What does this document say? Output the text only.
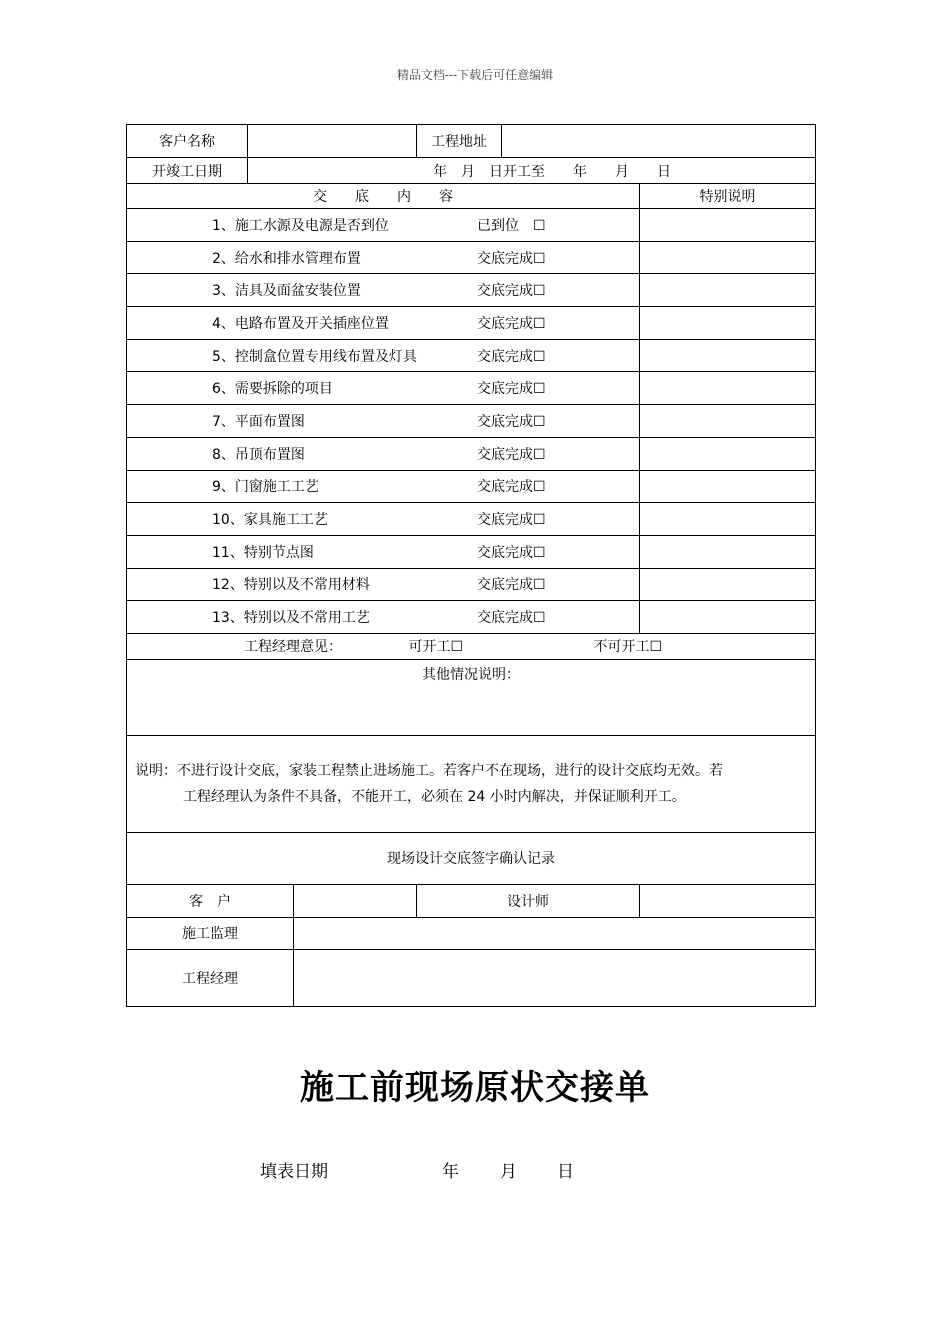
精品文档---下载后可任意编辑
客户名称			工程地址		
开竣工日期	年　月　日开工至　　年　　月　　日				
交　　底　　内　　容					特别说明
1、施工水源及电源是否到位 已到位　☐					
2、给水和排水管理布置 交底完成☐					
3、洁具及面盆安装位置 交底完成☐					
4、电路布置及开关插座位置 交底完成☐					
5、控制盒位置专用线布置及灯具 交底完成☐					
6、需要拆除的项目 交底完成☐					
7、平面布置图 交底完成☐					
8、吊顶布置图 交底完成☐					
9、门窗施工工艺 交底完成☐					
10、家具施工工艺 交底完成☐					
11、特别节点图 交底完成☐					
12、特别以及不常用材料 交底完成☐					
13、特别以及不常用工艺 交底完成☐					
工程经理意见： 可开工☐ 不可开工☐					
其他情况说明：					

说明：不进行设计交底，家装工程禁止进场施工。若客户不在现场，进行的设计交底均无效。若
工程经理认为条件不具备，不能开工，必须在 24 小时内解决，并保证顺利开工。					

现场设计交底签字确认记录					
客　户			设计师		
施工监理					
工程经理					
施工前现场原状交接单
填表日期	年 月 日
